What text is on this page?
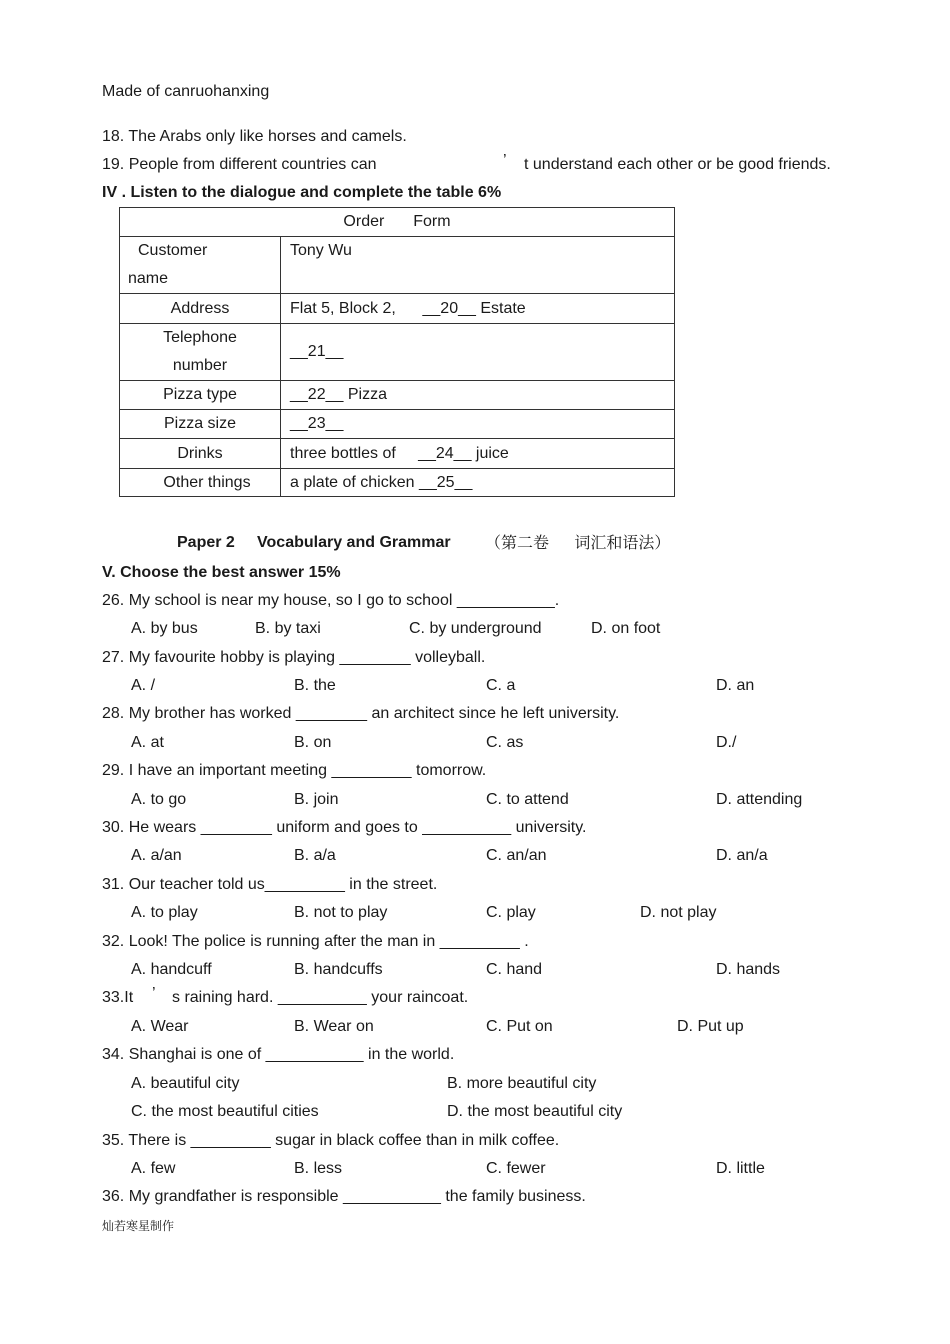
Made of canruohanxing
18. The Arabs only like horses and camels.
19. People from different countries can	’ t understand each other or be good friends.
IV . Listen to the dialogue and complete the table 6%
Order Form	

Customer
name	Tony Wu
Address	Flat 5, Block 2,      __20__ Estate

Telephone
number	__21__
Pizza type	__22__ Pizza
Pizza size	__23__
Drinks	three bottles of     __24__ juice
Other things	a plate of chicken __25__
Paper 2     Vocabulary and Grammar （第二卷     词汇和语法）
V. Choose the best answer 15%
26. My school is near my house, so I go to school ___________.
A. by bus	B. by taxi	C. by underground	D. on foot
27. My favourite hobby is playing ________ volleyball.
A. /	B. the	C. a	D. an
28. My brother has worked ________ an architect since he left university.
A. at	B. on	C. as	D./
29. I have an important meeting _________ tomorrow.
A. to go	B. join	C. to attend	D. attending
30. He wears ________ uniform and goes to __________ university.
A. a/an	B. a/a	C. an/an	D. an/a
31. Our teacher told us_________ in the street.
A. to play	B. not to play	C. play	D. not play
32. Look! The police is running after the man in _________ .
A. handcuff	B. handcuffs	C. hand	D. hands
33.It ’ s raining hard. __________ your raincoat.
A. Wear	B. Wear on	C. Put on	D. Put up
34. Shanghai is one of ___________ in the world.
A. beautiful city	B. more beautiful city
C. the most beautiful cities	D. the most beautiful city
35. There is _________ sugar in black coffee than in milk coffee.
A. few	B. less	C. fewer	D. little
36. My grandfather is responsible ___________ the family business.
灿若寒星制作
